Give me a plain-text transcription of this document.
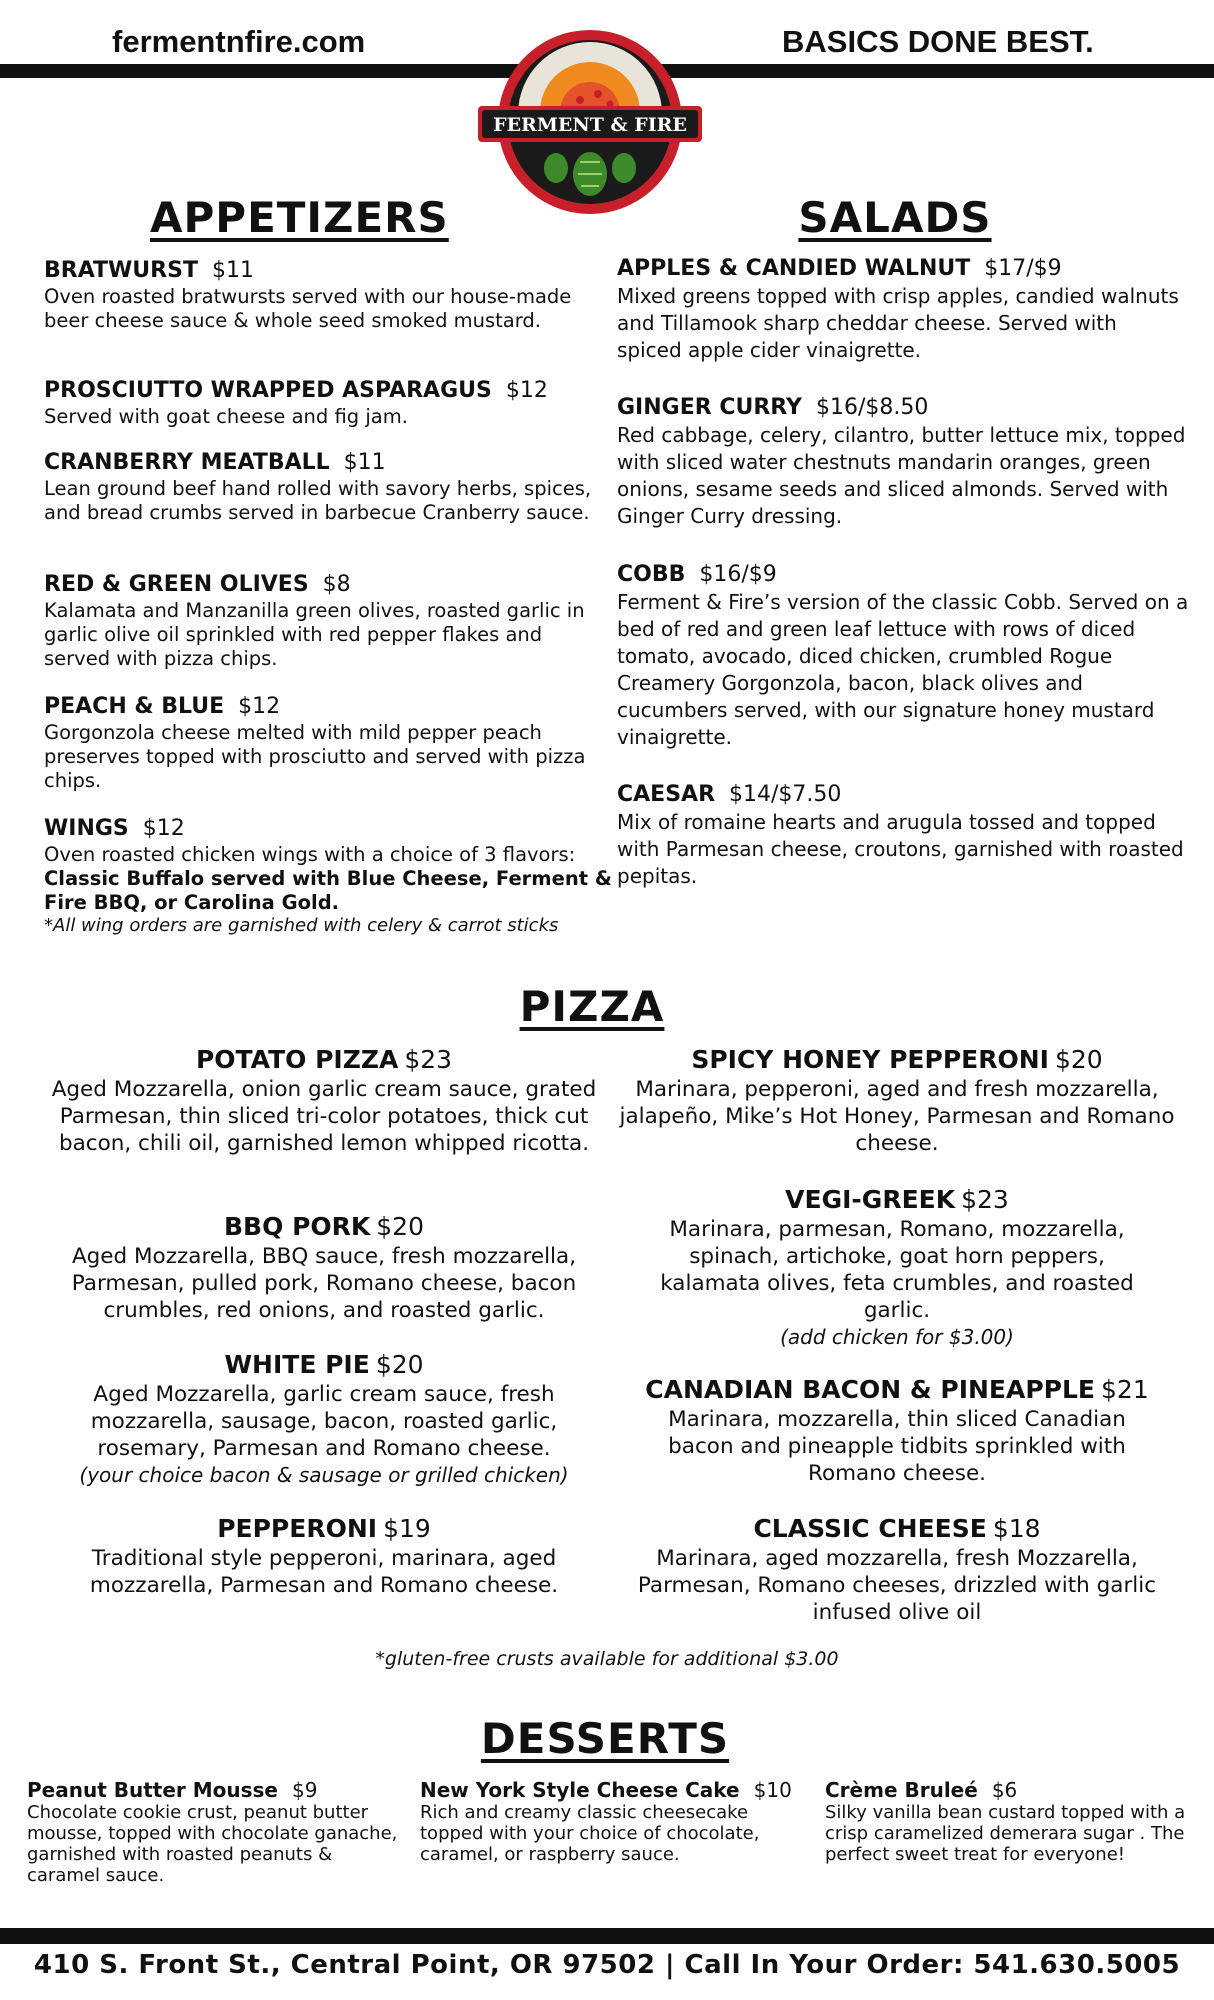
fermentnfire.com	BASICS DONE BEST.
FERMENT & FIRE
APPETIZERS
BRATWURST $11
Oven roasted bratwursts served with our house-made beer cheese sauce & whole seed smoked mustard.
PROSCIUTTO WRAPPED ASPARAGUS $12
Served with goat cheese and fig jam.
CRANBERRY MEATBALL $11
Lean ground beef hand rolled with savory herbs, spices, and bread crumbs served in barbecue Cranberry sauce.
RED & GREEN OLIVES $8
Kalamata and Manzanilla green olives, roasted garlic in garlic olive oil sprinkled with red pepper flakes and served with pizza chips.
PEACH & BLUE $12
Gorgonzola cheese melted with mild pepper peach preserves topped with prosciutto and served with pizza chips.
WINGS $12
Oven roasted chicken wings with a choice of 3 flavors: Classic Buffalo served with Blue Cheese, Ferment & Fire BBQ, or Carolina Gold.
*All wing orders are garnished with celery & carrot sticks
SALADS
APPLES & CANDIED WALNUT $17/$9
Mixed greens topped with crisp apples, candied walnuts and Tillamook sharp cheddar cheese. Served with spiced apple cider vinaigrette.
GINGER CURRY $16/$8.50
Red cabbage, celery, cilantro, butter lettuce mix, topped with sliced water chestnuts mandarin oranges, green onions, sesame seeds and sliced almonds. Served with Ginger Curry dressing.
COBB $16/$9
Ferment & Fire’s version of the classic Cobb. Served on a bed of red and green leaf lettuce with rows of diced tomato, avocado, diced chicken, crumbled Rogue Creamery Gorgonzola, bacon, black olives and cucumbers served, with our signature honey mustard vinaigrette.
CAESAR $14/$7.50
Mix of romaine hearts and arugula tossed and topped with Parmesan cheese, croutons, garnished with roasted pepitas.
PIZZA
POTATO PIZZA $23
Aged Mozzarella, onion garlic cream sauce, grated Parmesan, thin sliced tri-color potatoes, thick cut bacon, chili oil, garnished lemon whipped ricotta.
BBQ PORK $20
Aged Mozzarella, BBQ sauce, fresh mozzarella, Parmesan, pulled pork, Romano cheese, bacon crumbles, red onions, and roasted garlic.
WHITE PIE $20
Aged Mozzarella, garlic cream sauce, fresh mozzarella, sausage, bacon, roasted garlic, rosemary, Parmesan and Romano cheese.
(your choice bacon & sausage or grilled chicken)
PEPPERONI $19
Traditional style pepperoni, marinara, aged mozzarella, Parmesan and Romano cheese.
SPICY HONEY PEPPERONI $20
Marinara, pepperoni, aged and fresh mozzarella, jalapeño, Mike’s Hot Honey, Parmesan and Romano cheese.
VEGI-GREEK $23
Marinara, parmesan, Romano, mozzarella, spinach, artichoke, goat horn peppers, kalamata olives, feta crumbles, and roasted garlic.
(add chicken for $3.00)
CANADIAN BACON & PINEAPPLE $21
Marinara, mozzarella, thin sliced Canadian bacon and pineapple tidbits sprinkled with Romano cheese.
CLASSIC CHEESE $18
Marinara, aged mozzarella, fresh Mozzarella, Parmesan, Romano cheeses, drizzled with garlic infused olive oil
*gluten-free crusts available for additional $3.00
DESSERTS
Peanut Butter Mousse $9
Chocolate cookie crust, peanut butter mousse, topped with chocolate ganache, garnished with roasted peanuts & caramel sauce.
New York Style Cheese Cake $10
Rich and creamy classic cheesecake topped with your choice of chocolate, caramel, or raspberry sauce.
Crème Bruleé $6
Silky vanilla bean custard topped with a crisp caramelized demerara sugar . The perfect sweet treat for everyone!
410 S. Front St., Central Point, OR 97502 | Call In Your Order: 541.630.5005
